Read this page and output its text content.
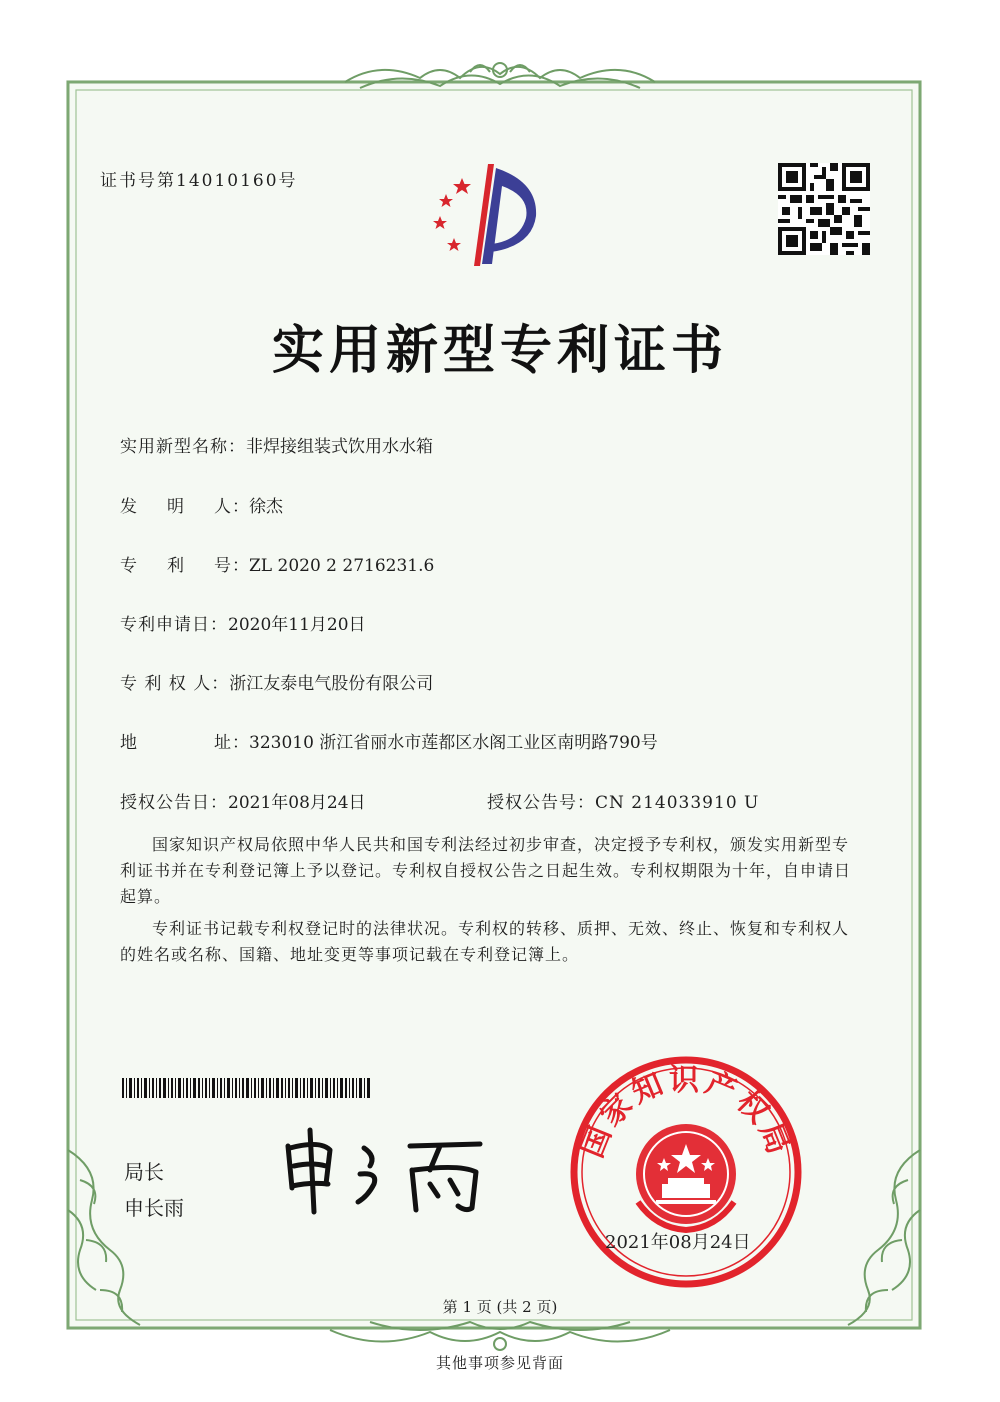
证书号第14010160号
实用新型专利证书
实用新型名称：非焊接组装式饮用水水箱
发 明 人：徐杰
专 利 号：ZL 2020 2 2716231.6
专利申请日：2020年11月20日
专 利 权 人：浙江友泰电气股份有限公司
地 址：323010 浙江省丽水市莲都区水阁工业区南明路790号
授权公告日：2021年08月24日	授权公告号：CN 214033910 U
国家知识产权局依照中华人民共和国专利法经过初步审查，决定授予专利权，颁发实用新型专利证书并在专利登记簿上予以登记。专利权自授权公告之日起生效。专利权期限为十年，自申请日起算。
专利证书记载专利权登记时的法律状况。专利权的转移、质押、无效、终止、恢复和专利权人的姓名或名称、国籍、地址变更等事项记载在专利登记簿上。
局长
申长雨
国家知识产权局
2021年08月24日
第 1 页 (共 2 页)
其他事项参见背面
